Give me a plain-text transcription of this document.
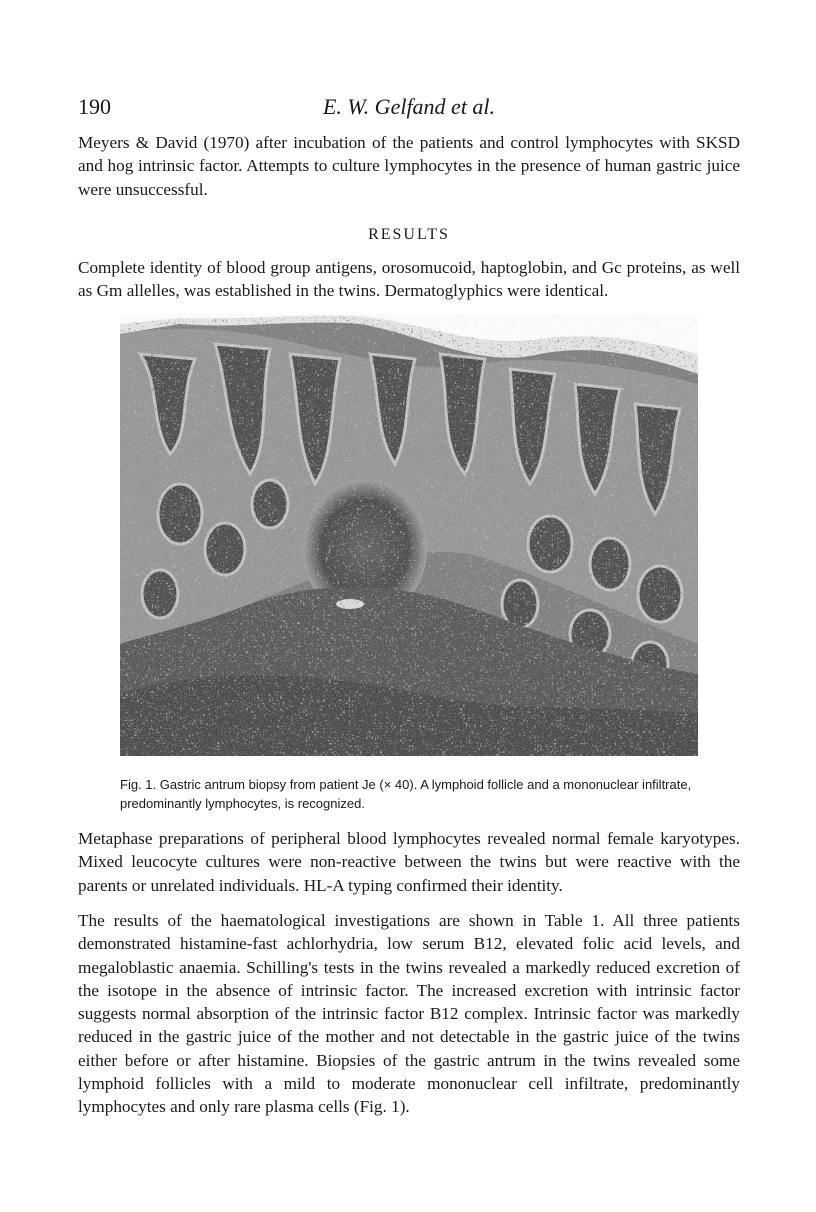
190	E. W. Gelfand et al.

Meyers & David (1970) after incubation of the patients and control lymphocytes with SKSD and hog intrinsic factor. Attempts to culture lymphocytes in the presence of human gastric juice were unsuccessful.

RESULTS

Complete identity of blood group antigens, orosomucoid, haptoglobin, and Gc proteins, as well as Gm allelles, was established in the twins. Dermatoglyphics were identical.

Fig. 1. Gastric antrum biopsy from patient Je (× 40). A lymphoid follicle and a mononuclear infiltrate, predominantly lymphocytes, is recognized.

Metaphase preparations of peripheral blood lymphocytes revealed normal female karyotypes. Mixed leucocyte cultures were non-reactive between the twins but were reactive with the parents or unrelated individuals. HL-A typing confirmed their identity.

The results of the haematological investigations are shown in Table 1. All three patients demonstrated histamine-fast achlorhydria, low serum B12, elevated folic acid levels, and megaloblastic anaemia. Schilling's tests in the twins revealed a markedly reduced excretion of the isotope in the absence of intrinsic factor. The increased excretion with intrinsic factor suggests normal absorption of the intrinsic factor B12 complex. Intrinsic factor was markedly reduced in the gastric juice of the mother and not detectable in the gastric juice of the twins either before or after histamine. Biopsies of the gastric antrum in the twins revealed some lymphoid follicles with a mild to moderate mononuclear cell infiltrate, predominantly lymphocytes and only rare plasma cells (Fig. 1).
